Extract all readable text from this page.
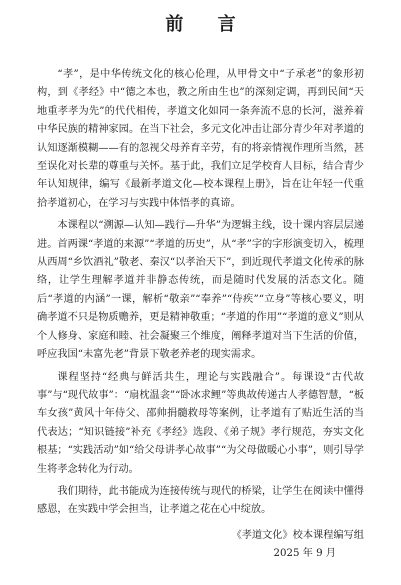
前 言

“孝”，是中华传统文化的核心伦理，从甲骨文中“子承老”的象形初构，到《孝经》中“德之本也，教之所由生也”的深刻定调，再到民间“天地重孝孝为先”的代代相传，孝道文化如同一条奔流不息的长河，滋养着中华民族的精神家园。在当下社会，多元文化冲击让部分青少年对孝道的认知逐渐模糊——有的忽视父母养育辛劳，有的将亲情视作理所当然，甚至误化对长辈的尊重与关怀。基于此，我们立足学校育人目标，结合青少年认知规律，编写《最新孝道文化—校本课程上册》，旨在让年轻一代重拾孝道初心，在学习与实践中体悟孝的真谛。

本课程以“溯源—认知—践行—升华”为逻辑主线，设十课内容层层递进。首两课“孝道的来源”“孝道的历史”，从“孝”字的字形演变切入，梳理从西周“乡饮酒礼”敬老、秦汉“以孝治天下”，到近现代孝道文化传承的脉络，让学生理解孝道并非静态传统，而是随时代发展的活态文化。随后“孝道的内涵”一课，解析“敬亲”“奉养”“侍疾”“立身”等核心要义，明确孝道不只是物质赡养，更是精神敬重；“孝道的作用”“孝道的意义”则从个人修身、家庭和睦、社会凝聚三个维度，阐释孝道对当下生活的价值，呼应我国“未富先老”背景下敬老养老的现实需求。

课程坚持“经典与鲜活共生，理论与实践融合”。每课设“古代故事”与“现代故事”：“扇枕温衾”“卧冰求鲤”等典故传递古人孝德智慧，“板车女孩”黄风十年侍父、邵帅捐髓救母等案例，让孝道有了贴近生活的当代表达；“知识链接”补充《孝经》选段、《弟子规》孝行规范，夯实文化根基；“实践活动”如“给父母讲孝心故事”“为父母做暖心小事”，则引导学生将孝念转化为行动。

我们期待，此书能成为连接传统与现代的桥梁，让学生在阅读中懂得感恩，在实践中学会担当，让孝道之花在心中绽放。

《孝道文化》校本课程编写组
2025 年 9 月
